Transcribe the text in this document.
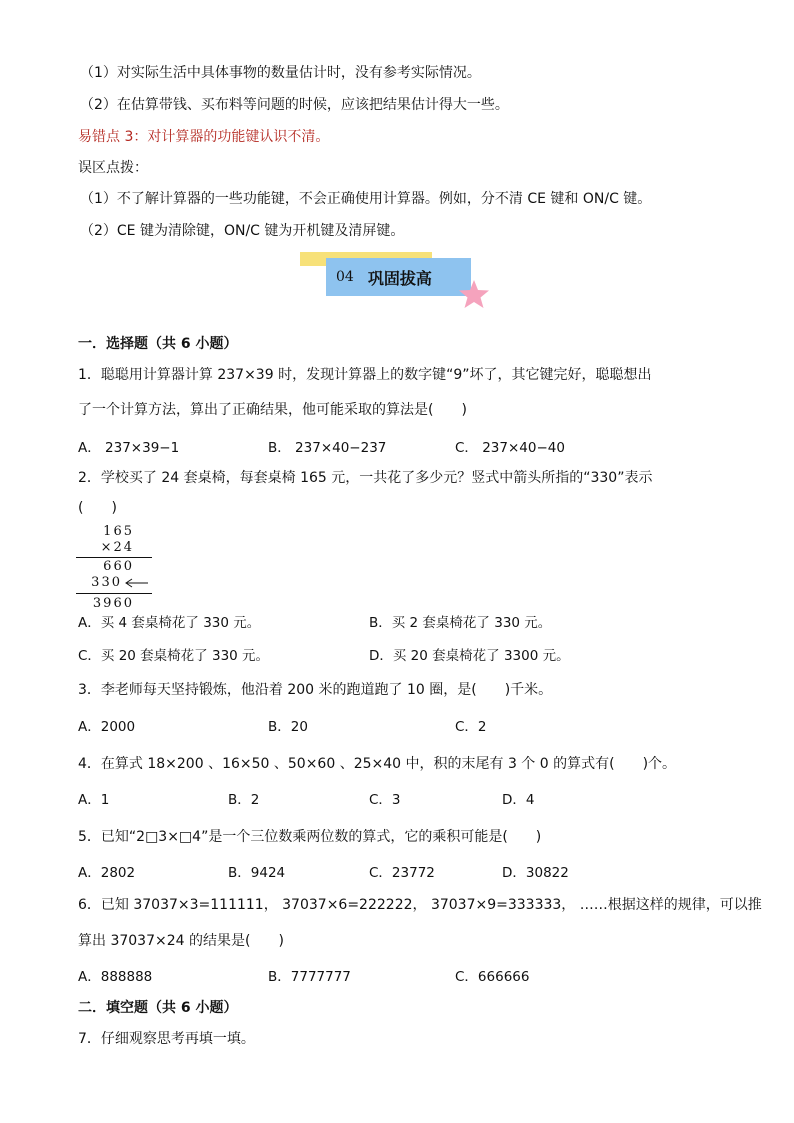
（1）对实际生活中具体事物的数量估计时，没有参考实际情况。
（2）在估算带钱、买布料等问题的时候，应该把结果估计得大一些。
易错点 3：对计算器的功能键认识不清。
误区点拨：
（1）不了解计算器的一些功能键，不会正确使用计算器。例如，分不清 CE 键和 ON/C 键。
（2）CE 键为清除键，ON/C 键为开机键及清屏键。
04 巩固拔高
一．选择题（共 6 小题）
1．聪聪用计算器计算 237×39 时，发现计算器上的数字键“9”坏了，其它键完好，聪聪想出
了一个计算方法，算出了正确结果，他可能采取的算法是(　　)
A． 237×39−1	B． 237×40−237	C． 237×40−40
2．学校买了 24 套桌椅，每套桌椅 165 元，一共花了多少元？竖式中箭头所指的“330”表示
(　　)
165
×24
660
330
3960
A．买 4 套桌椅花了 330 元。	B．买 2 套桌椅花了 330 元。
C．买 20 套桌椅花了 330 元。	D．买 20 套桌椅花了 3300 元。
3．李老师每天坚持锻炼，他沿着 200 米的跑道跑了 10 圈，是(　　)千米。
A．2000	B．20	C．2
4．在算式 18×200 、16×50 、50×60 、25×40 中，积的末尾有 3 个 0 的算式有(　　)个。
A．1	B．2	C．3	D．4
5．已知“2□3×□4”是一个三位数乘两位数的算式，它的乘积可能是(　　)
A．2802	B．9424	C．23772	D．30822
6．已知 37037×3=111111， 37037×6=222222， 37037×9=333333， ……根据这样的规律，可以推
算出 37037×24 的结果是(　　)
A．888888	B．7777777	C．666666
二．填空题（共 6 小题）
7．仔细观察思考再填一填。
